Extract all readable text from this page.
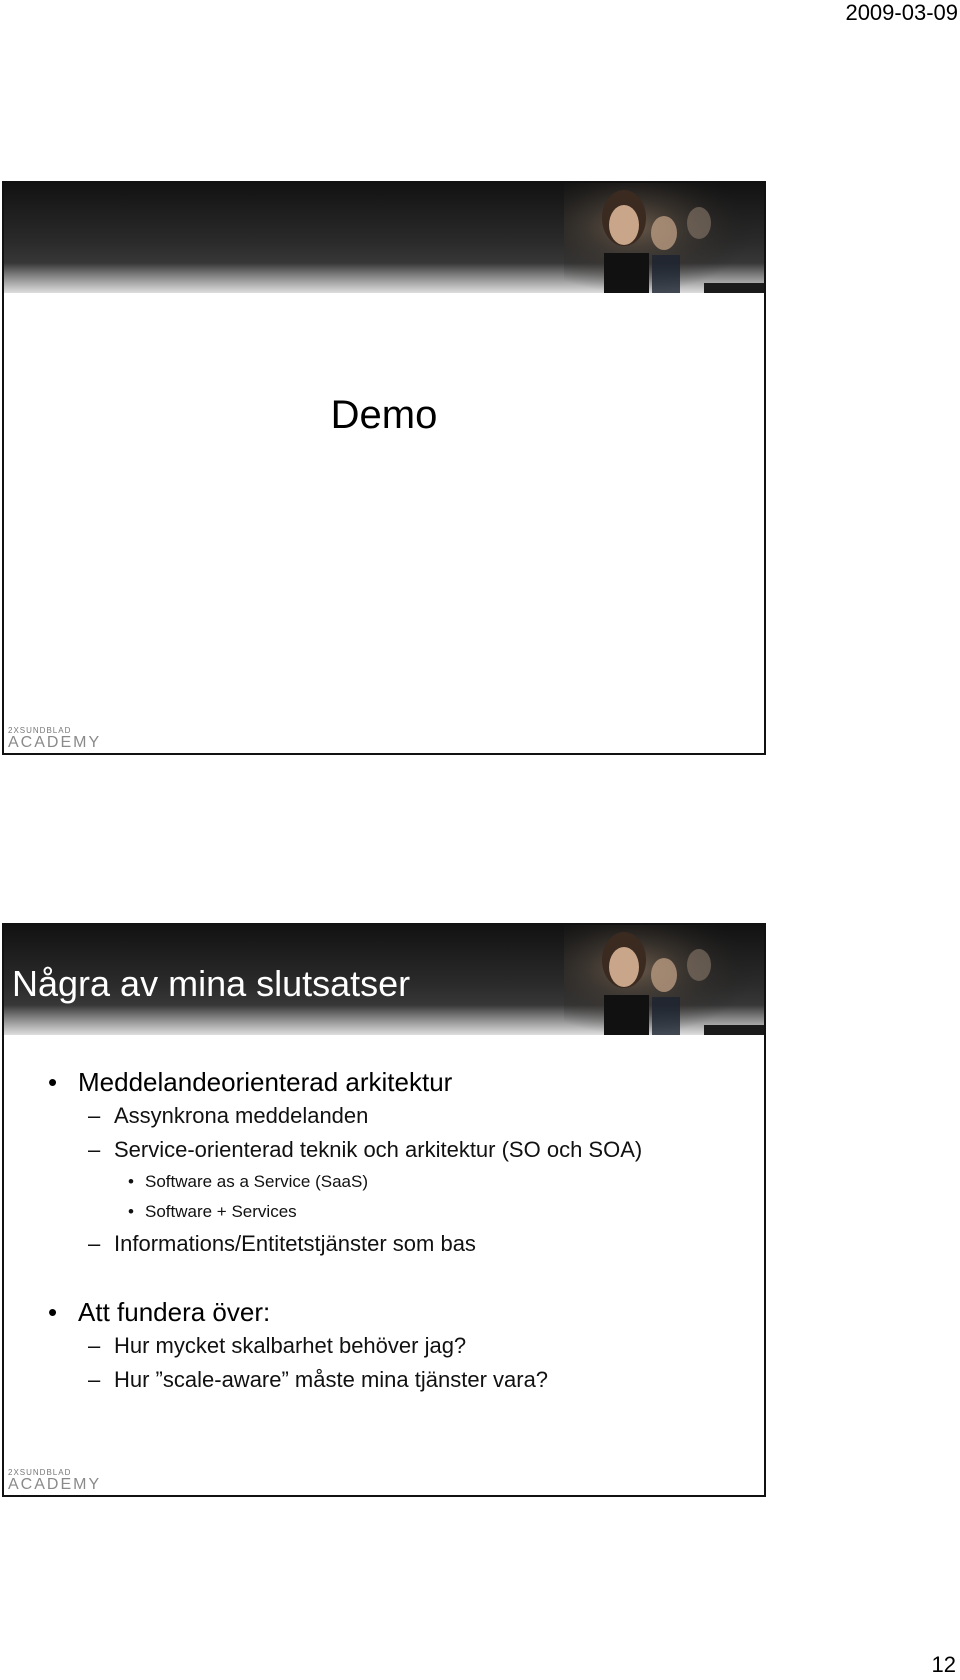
2009-03-09
Demo
2XSUNDBLAD
ACADEMY
Några av mina slutsatser
• Meddelandeorienterad arkitektur
– Assynkrona meddelanden
– Service-orienterad teknik och arkitektur (SO och SOA)
• Software as a Service (SaaS)
• Software + Services
– Informations/Entitetstjänster som bas
• Att fundera över:
– Hur mycket skalbarhet behöver jag?
– Hur ”scale-aware” måste mina tjänster vara?
2XSUNDBLAD
ACADEMY
12
